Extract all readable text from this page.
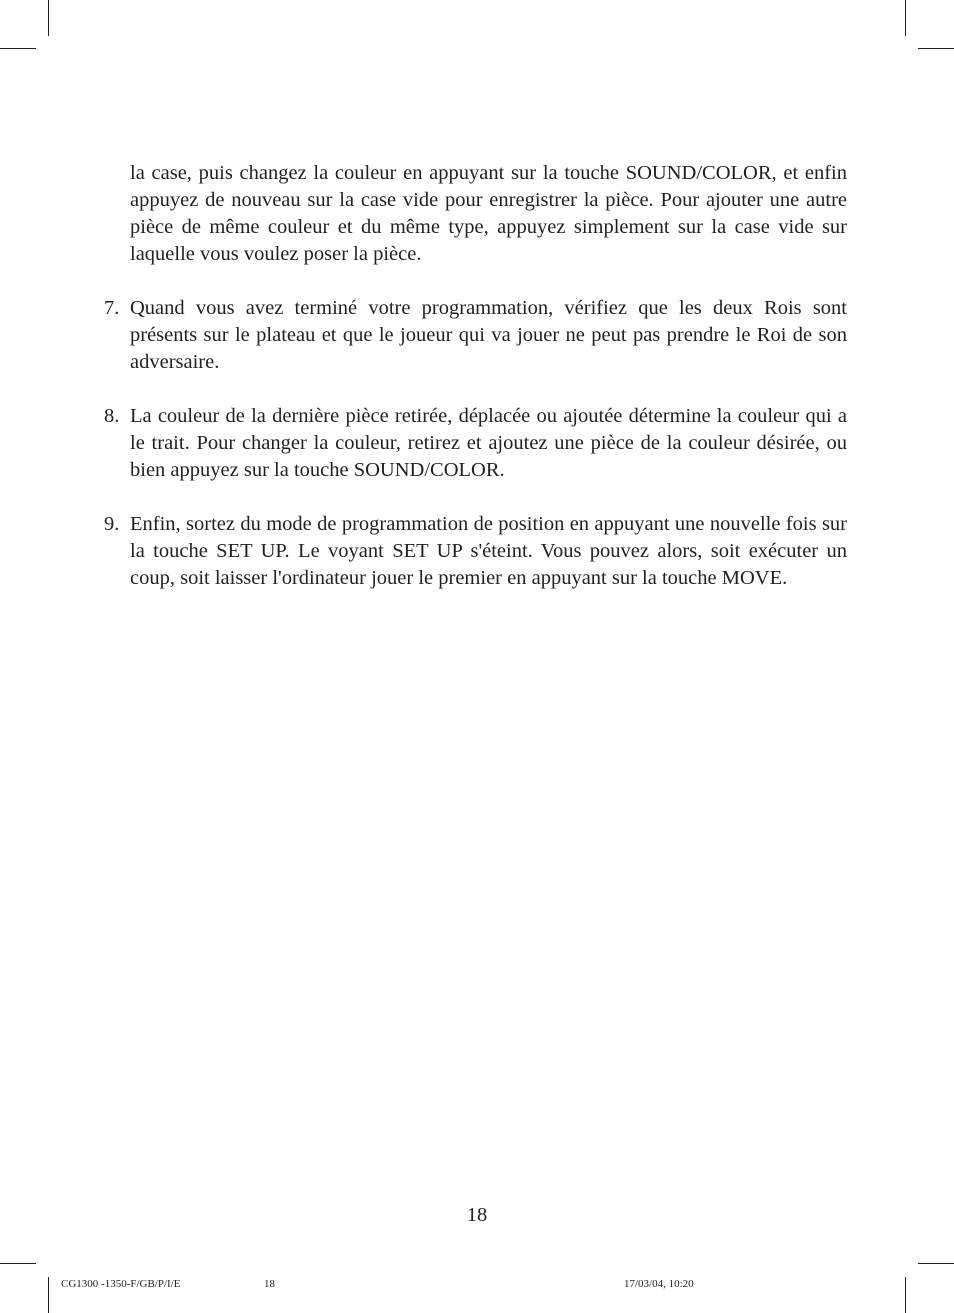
la case, puis changez la couleur en appuyant sur la touche SOUND/COLOR, et enfin appuyez de nouveau sur la case vide pour enregistrer la pièce. Pour ajouter une autre pièce de même couleur et du même type, appuyez simplement sur la case vide sur laquelle vous voulez poser la pièce.
7. Quand vous avez terminé votre programmation, vérifiez que les deux Rois sont présents sur le plateau et que le joueur qui va jouer ne peut pas prendre le Roi de son adversaire.
8. La couleur de la dernière pièce retirée, déplacée ou ajoutée détermine la couleur qui a le trait. Pour changer la couleur, retirez et ajoutez une pièce de la couleur désirée, ou bien appuyez sur la touche SOUND/COLOR.
9. Enfin, sortez du mode de programmation de position en appuyant une nouvelle fois sur la touche SET UP. Le voyant SET UP s'éteint. Vous pouvez alors, soit exécuter un coup, soit laisser l'ordinateur jouer le premier en appuyant sur la touche MOVE.
18
CG1300 -1350-F/GB/P/I/E	18	17/03/04, 10:20
